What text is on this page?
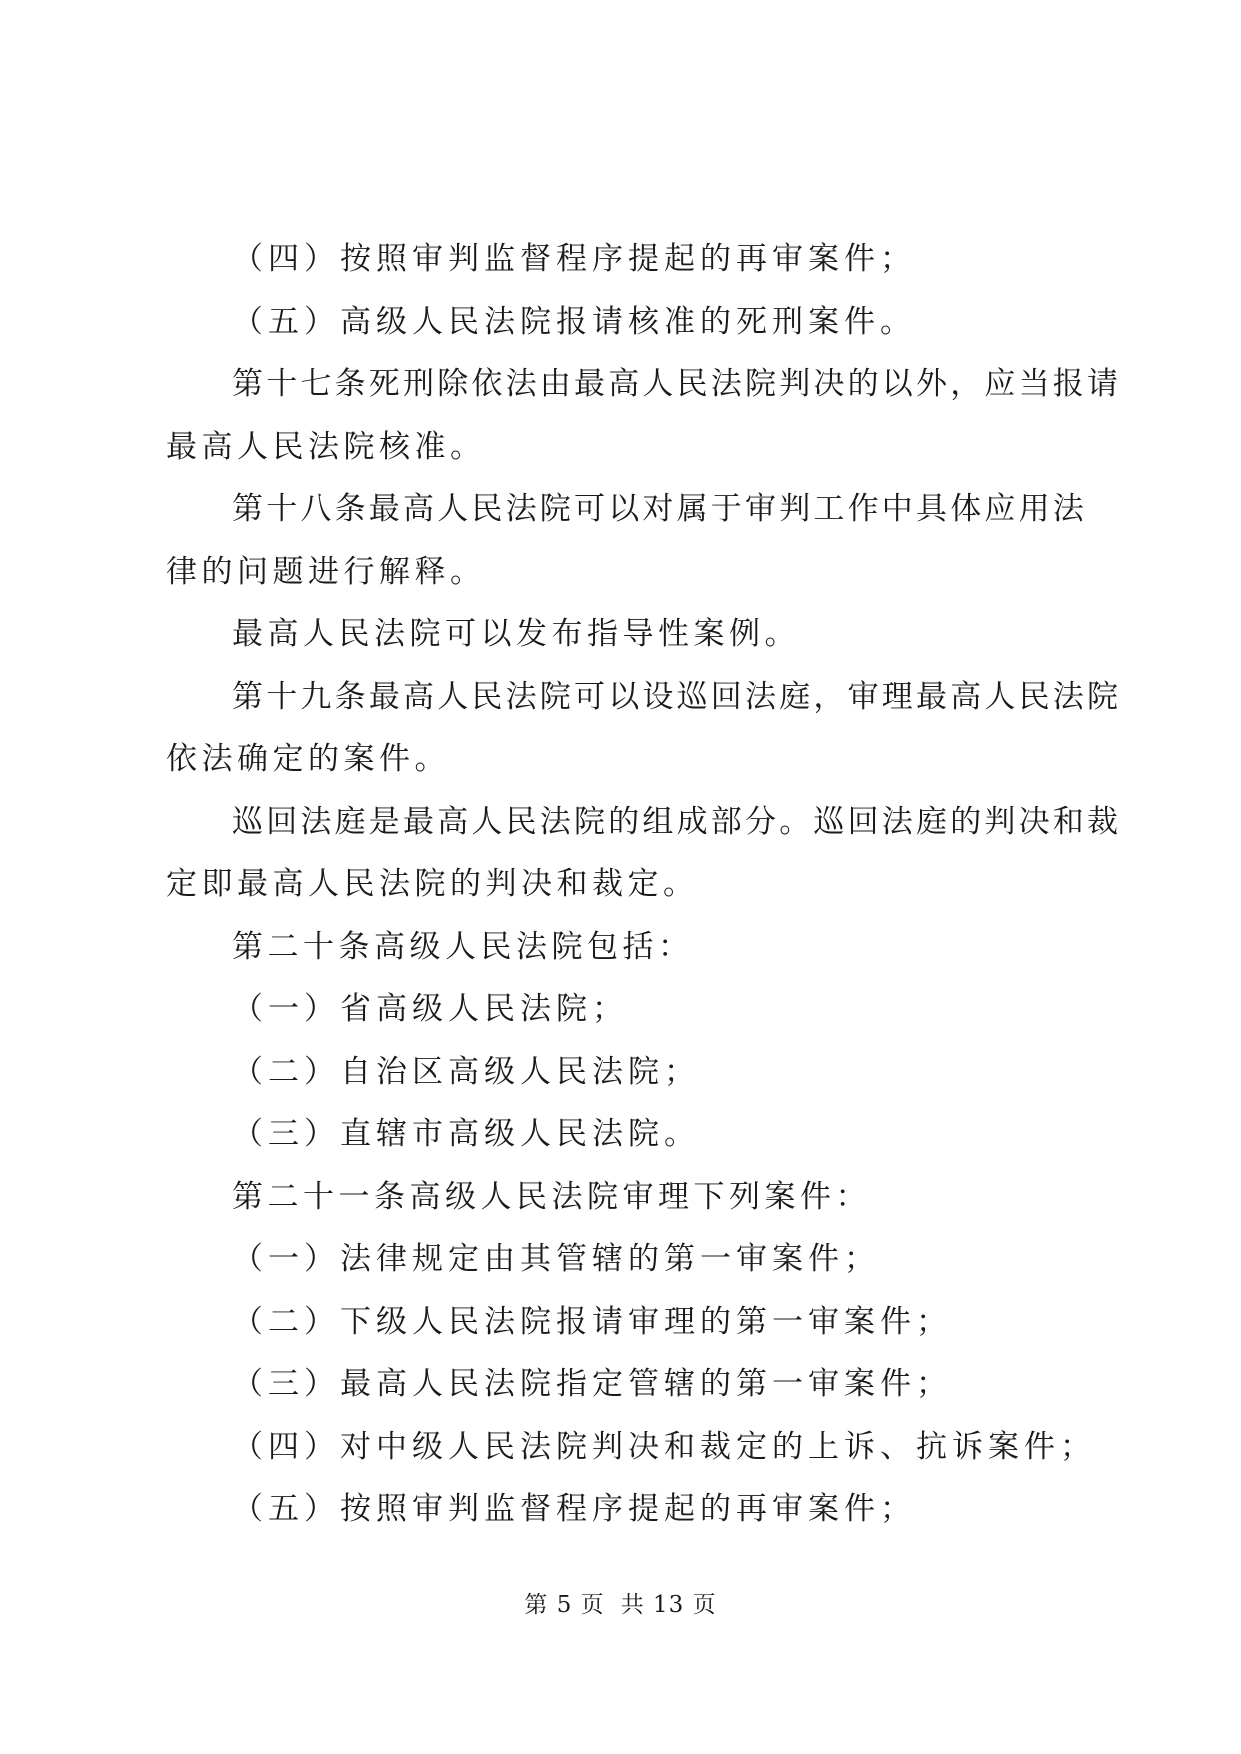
（四）按照审判监督程序提起的再审案件；
（五）高级人民法院报请核准的死刑案件。
第十七条死刑除依法由最高人民法院判决的以外，应当报请
最高人民法院核准。
第十八条最高人民法院可以对属于审判工作中具体应用法
律的问题进行解释。
最高人民法院可以发布指导性案例。
第十九条最高人民法院可以设巡回法庭，审理最高人民法院
依法确定的案件。
巡回法庭是最高人民法院的组成部分。巡回法庭的判决和裁
定即最高人民法院的判决和裁定。
第二十条高级人民法院包括：
（一）省高级人民法院；
（二）自治区高级人民法院；
（三）直辖市高级人民法院。
第二十一条高级人民法院审理下列案件：
（一）法律规定由其管辖的第一审案件；
（二）下级人民法院报请审理的第一审案件；
（三）最高人民法院指定管辖的第一审案件；
（四）对中级人民法院判决和裁定的上诉、抗诉案件；
（五）按照审判监督程序提起的再审案件；
第 5 页 共 13 页
